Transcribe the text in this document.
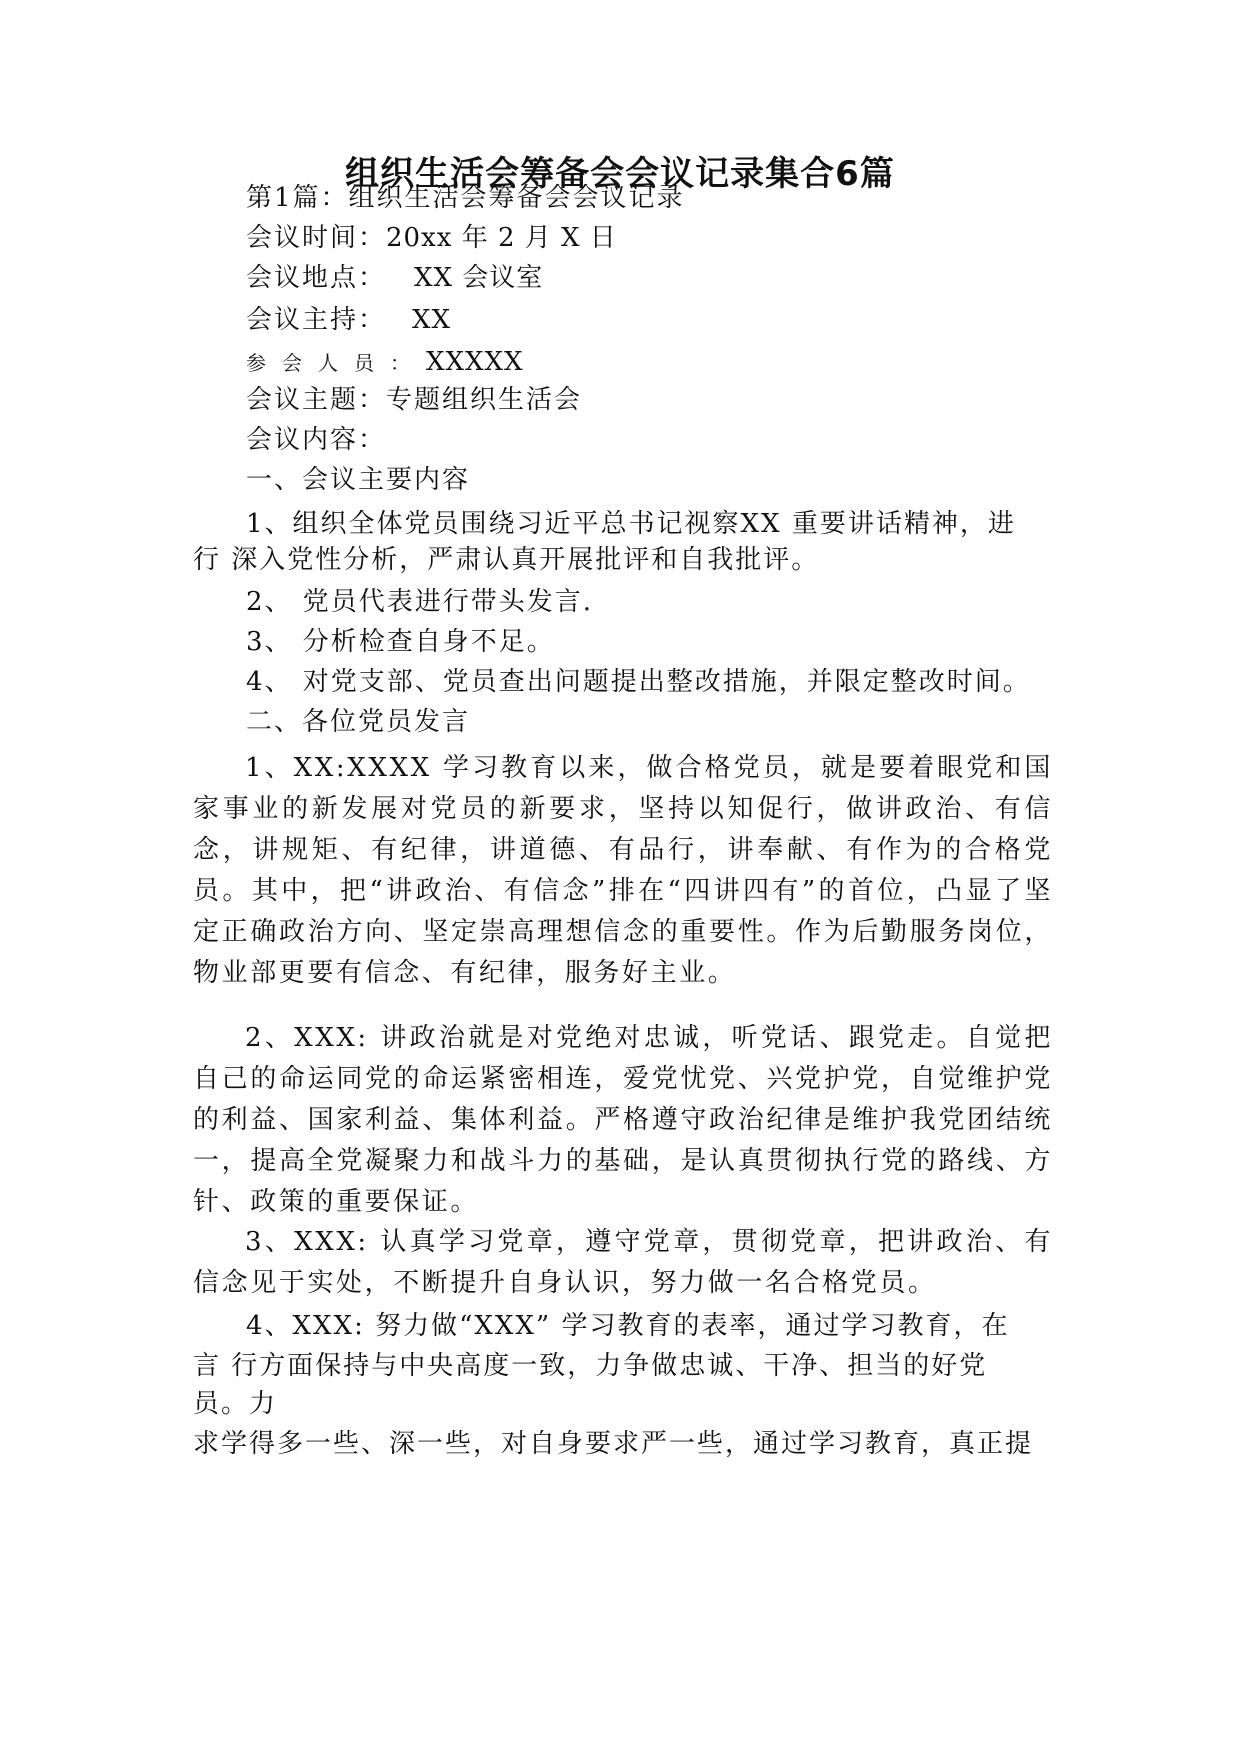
组织生活会筹备会会议记录集合6篇
第1篇：组织生活会筹备会会议记录
会议时间：20xx 年 2 月 X 日
会议地点： XX 会议室
会议主持： XX
参会人员：XXXXX
会议主题：专题组织生活会
会议内容：
一、会议主要内容
1、组织全体党员围绕习近平总书记视察XX 重要讲话精神，进
行 深入党性分析，严肃认真开展批评和自我批评。
2、 党员代表进行带头发言.
3、 分析检查自身不足。
4、 对党支部、党员查出问题提出整改措施，并限定整改时间。
二、各位党员发言
1、XX:XXXX 学习教育以来，做合格党员，就是要着眼党和国家事业的新发展对党员的新要求，坚持以知促行，做讲政治、有信念，讲规矩、有纪律，讲道德、有品行，讲奉献、有作为的合格党员。其中，把“讲政治、有信念”排在“四讲四有”的首位，凸显了坚定正确政治方向、坚定崇高理想信念的重要性。作为后勤服务岗位，物业部更要有信念、有纪律，服务好主业。
2、XXX: 讲政治就是对党绝对忠诚，听党话、跟党走。自觉把自己的命运同党的命运紧密相连，爱党忧党、兴党护党，自觉维护党的利益、国家利益、集体利益。严格遵守政治纪律是维护我党团结统一，提高全党凝聚力和战斗力的基础，是认真贯彻执行党的路线、方针、政策的重要保证。
3、XXX: 认真学习党章，遵守党章，贯彻党章，把讲政治、有信念见于实处，不断提升自身认识，努力做一名合格党员。
4、XXX: 努力做“XXX” 学习教育的表率，通过学习教育，在
言 行方面保持与中央高度一致，力争做忠诚、干净、担当的好党
员。力
求学得多一些、深一些，对自身要求严一些，通过学习教育，真正提
